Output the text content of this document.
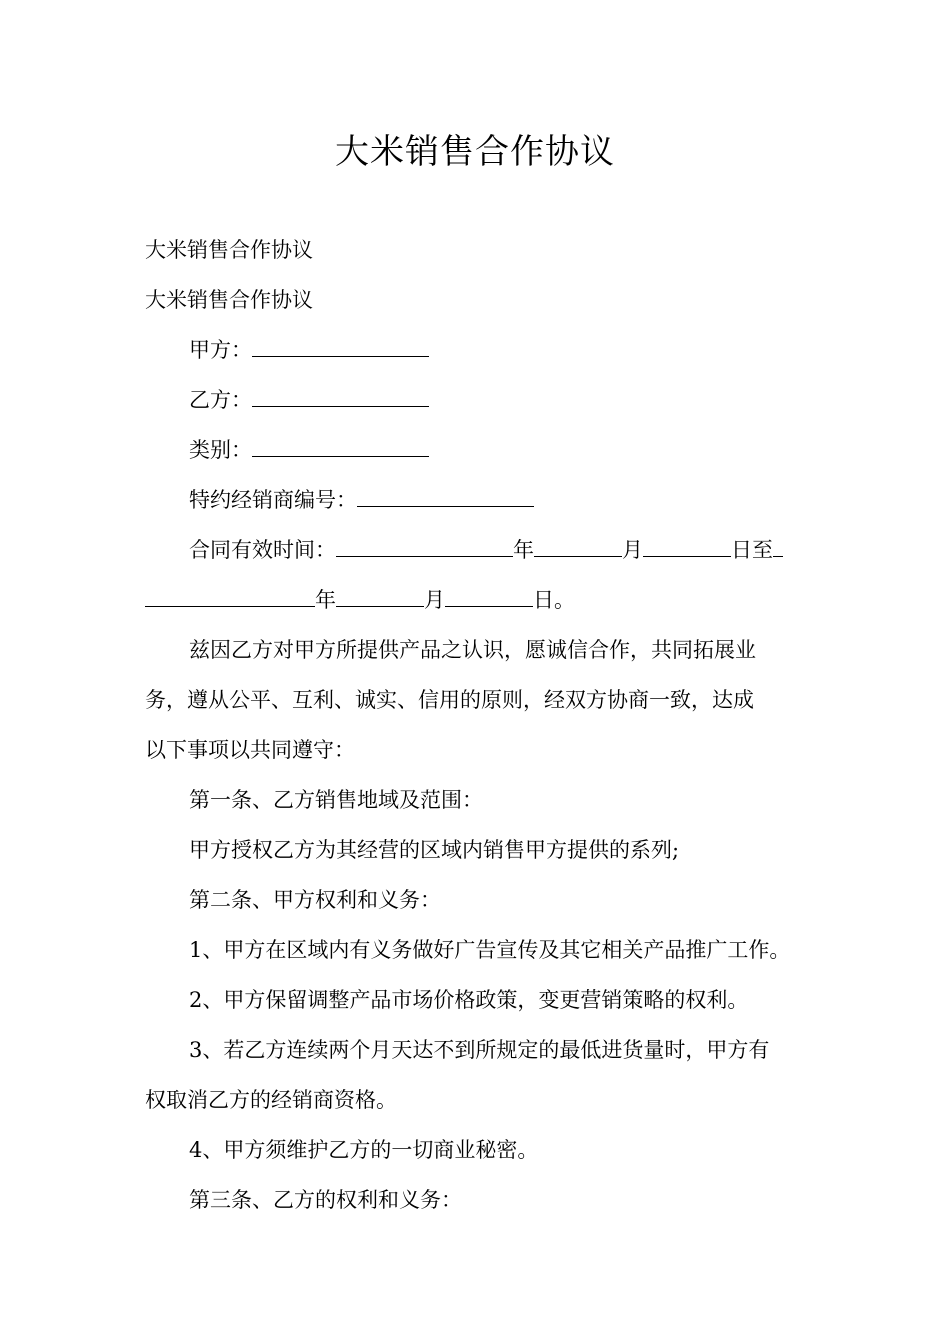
大米销售合作协议
大米销售合作协议
大米销售合作协议
甲方：
乙方：
类别：
特约经销商编号：
合同有效时间：	年	月	日至
年	月	日。
兹因乙方对甲方所提供产品之认识，愿诚信合作，共同拓展业
务，遵从公平、互利、诚实、信用的原则，经双方协商一致，达成
以下事项以共同遵守：
第一条、乙方销售地域及范围：
甲方授权乙方为其经营的区域内销售甲方提供的系列;
第二条、甲方权利和义务：
1、甲方在区域内有义务做好广告宣传及其它相关产品推广工作。
2、甲方保留调整产品市场价格政策，变更营销策略的权利。
3、若乙方连续两个月天达不到所规定的最低进货量时，甲方有
权取消乙方的经销商资格。
4、甲方须维护乙方的一切商业秘密。
第三条、乙方的权利和义务：
